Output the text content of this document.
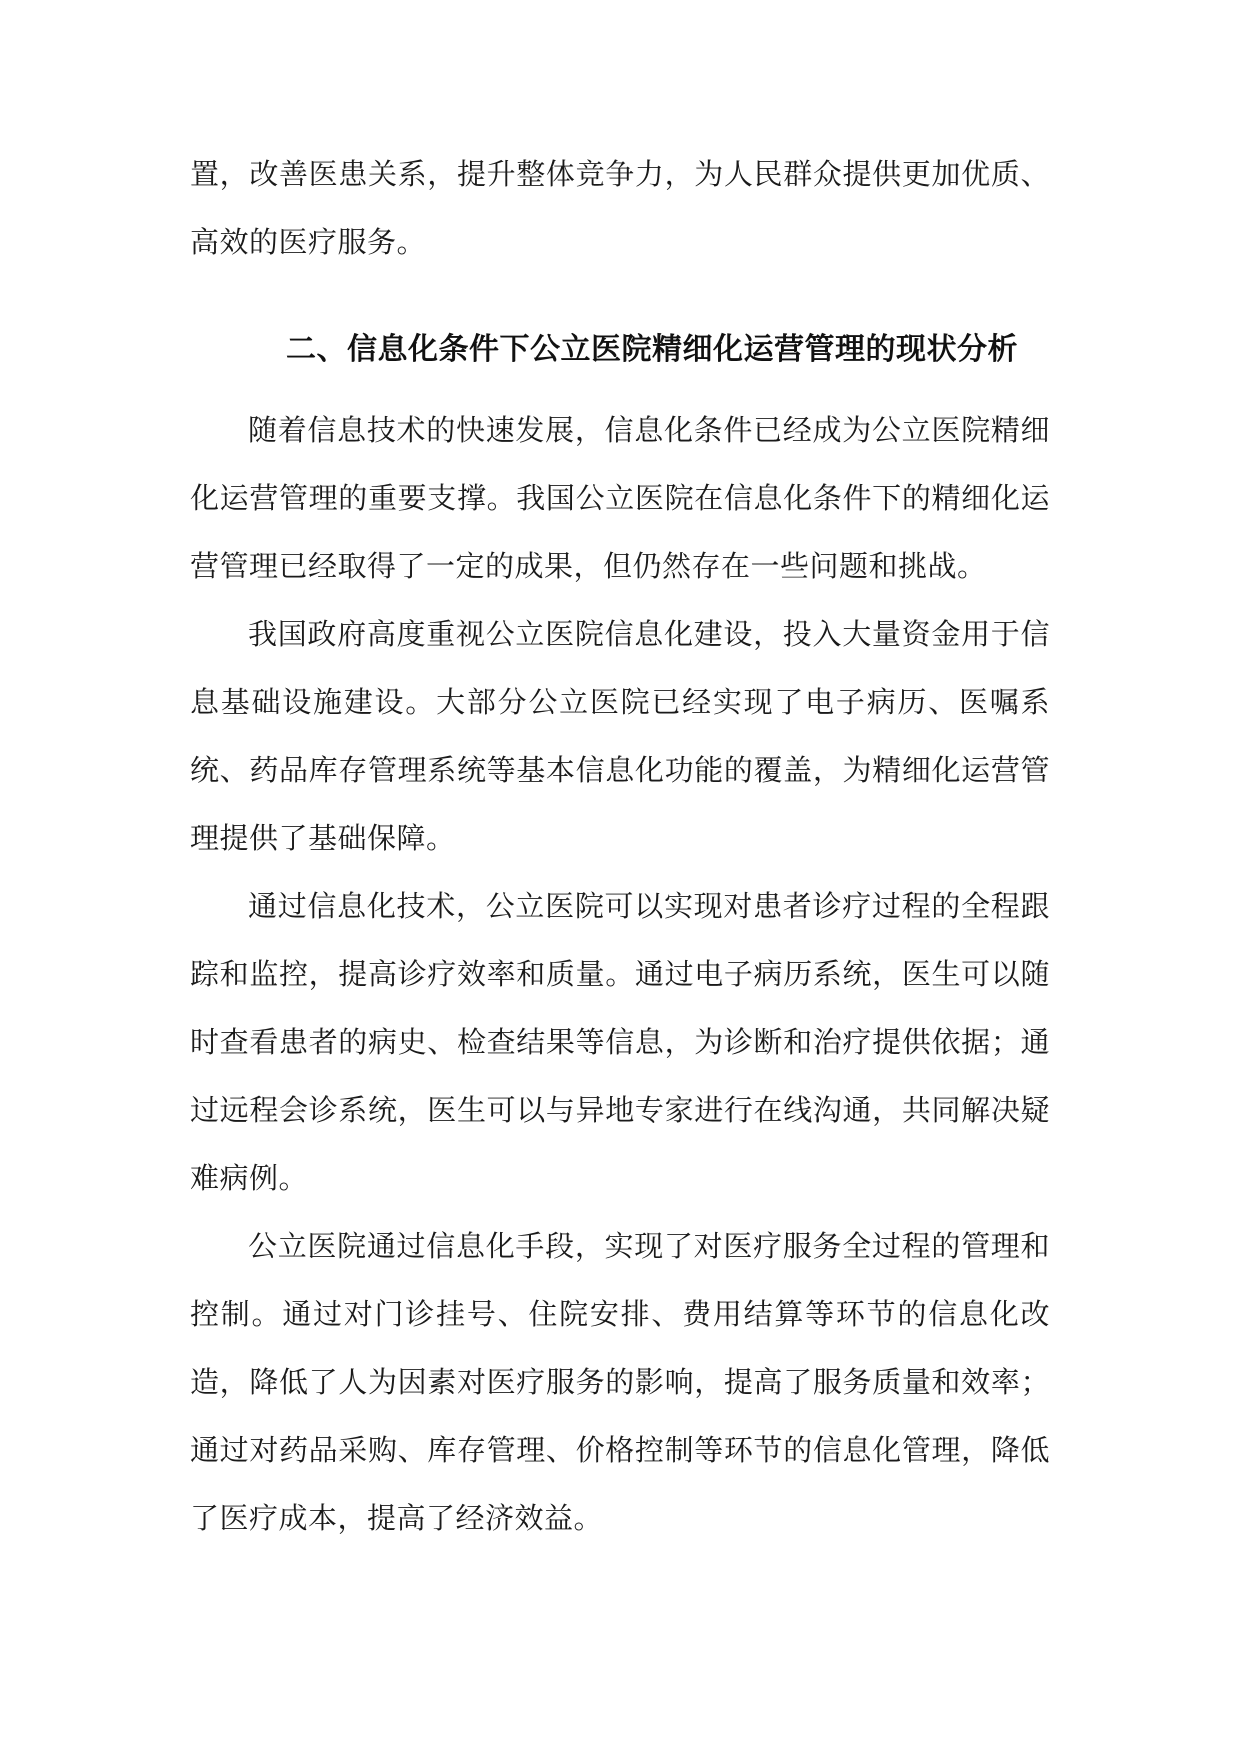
置，改善医患关系，提升整体竞争力，为人民群众提供更加优质、高效的医疗服务。

二、信息化条件下公立医院精细化运营管理的现状分析

随着信息技术的快速发展，信息化条件已经成为公立医院精细化运营管理的重要支撑。我国公立医院在信息化条件下的精细化运营管理已经取得了一定的成果，但仍然存在一些问题和挑战。

我国政府高度重视公立医院信息化建设，投入大量资金用于信息基础设施建设。大部分公立医院已经实现了电子病历、医嘱系统、药品库存管理系统等基本信息化功能的覆盖，为精细化运营管理提供了基础保障。

通过信息化技术，公立医院可以实现对患者诊疗过程的全程跟踪和监控，提高诊疗效率和质量。通过电子病历系统，医生可以随时查看患者的病史、检查结果等信息，为诊断和治疗提供依据；通过远程会诊系统，医生可以与异地专家进行在线沟通，共同解决疑难病例。

公立医院通过信息化手段，实现了对医疗服务全过程的管理和控制。通过对门诊挂号、住院安排、费用结算等环节的信息化改造，降低了人为因素对医疗服务的影响，提高了服务质量和效率；通过对药品采购、库存管理、价格控制等环节的信息化管理，降低了医疗成本，提高了经济效益。
